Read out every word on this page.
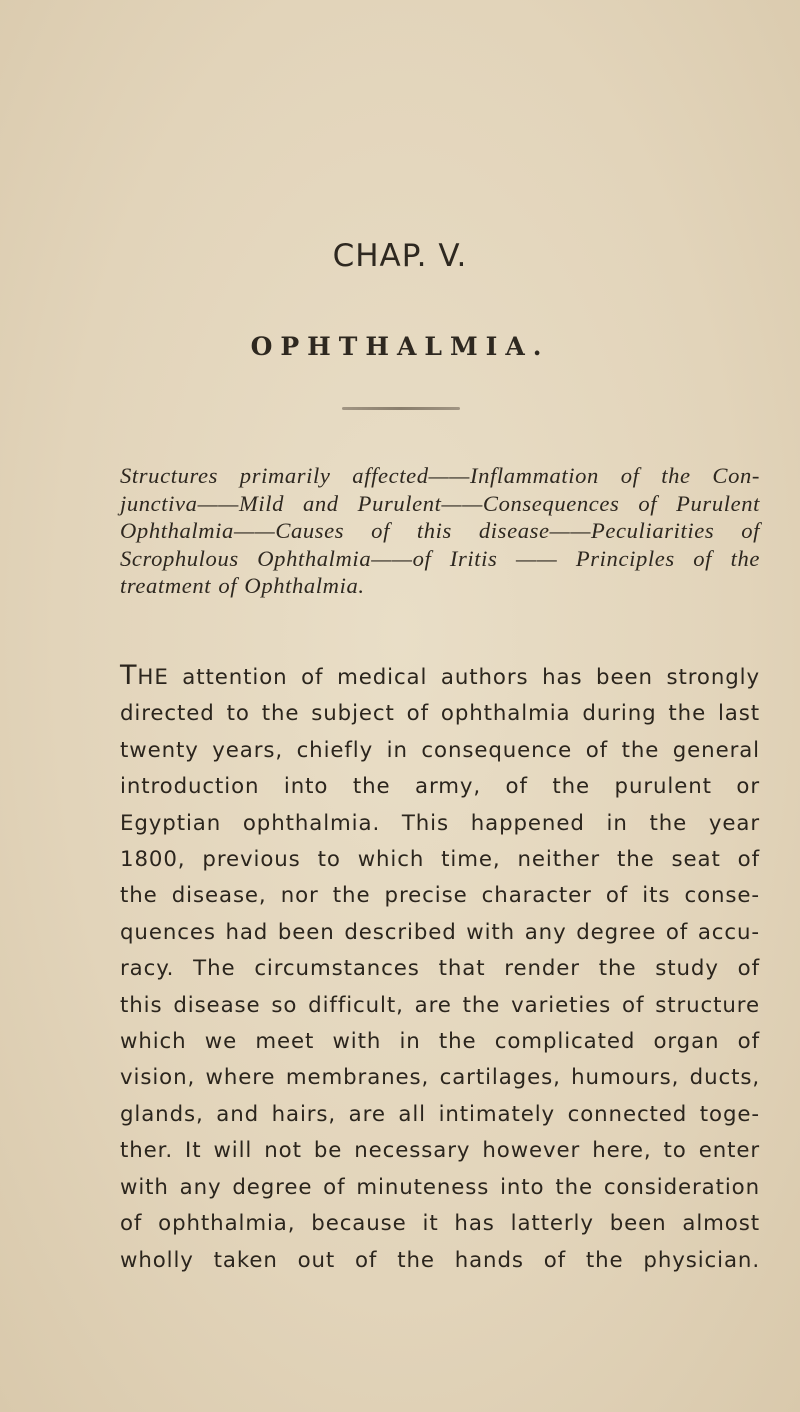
CHAP. V.
OPHTHALMIA.
Structures primarily affected——Inflammation of the Con-
junctiva——Mild and Purulent——Consequences of Purulent
Ophthalmia——Causes of this disease——Peculiarities of
Scrophulous Ophthalmia——of Iritis —— Principles of the
treatment of Ophthalmia.
THE attention of medical authors has been strongly
directed to the subject of ophthalmia during the last
twenty years, chiefly in consequence of the general
introduction into the army, of the purulent or
Egyptian ophthalmia. This happened in the year
1800, previous to which time, neither the seat of
the disease, nor the precise character of its conse-
quences had been described with any degree of accu-
racy. The circumstances that render the study of
this disease so difficult, are the varieties of structure
which we meet with in the complicated organ of
vision, where membranes, cartilages, humours, ducts,
glands, and hairs, are all intimately connected toge-
ther. It will not be necessary however here, to enter
with any degree of minuteness into the consideration
of ophthalmia, because it has latterly been almost
wholly taken out of the hands of the physician.
